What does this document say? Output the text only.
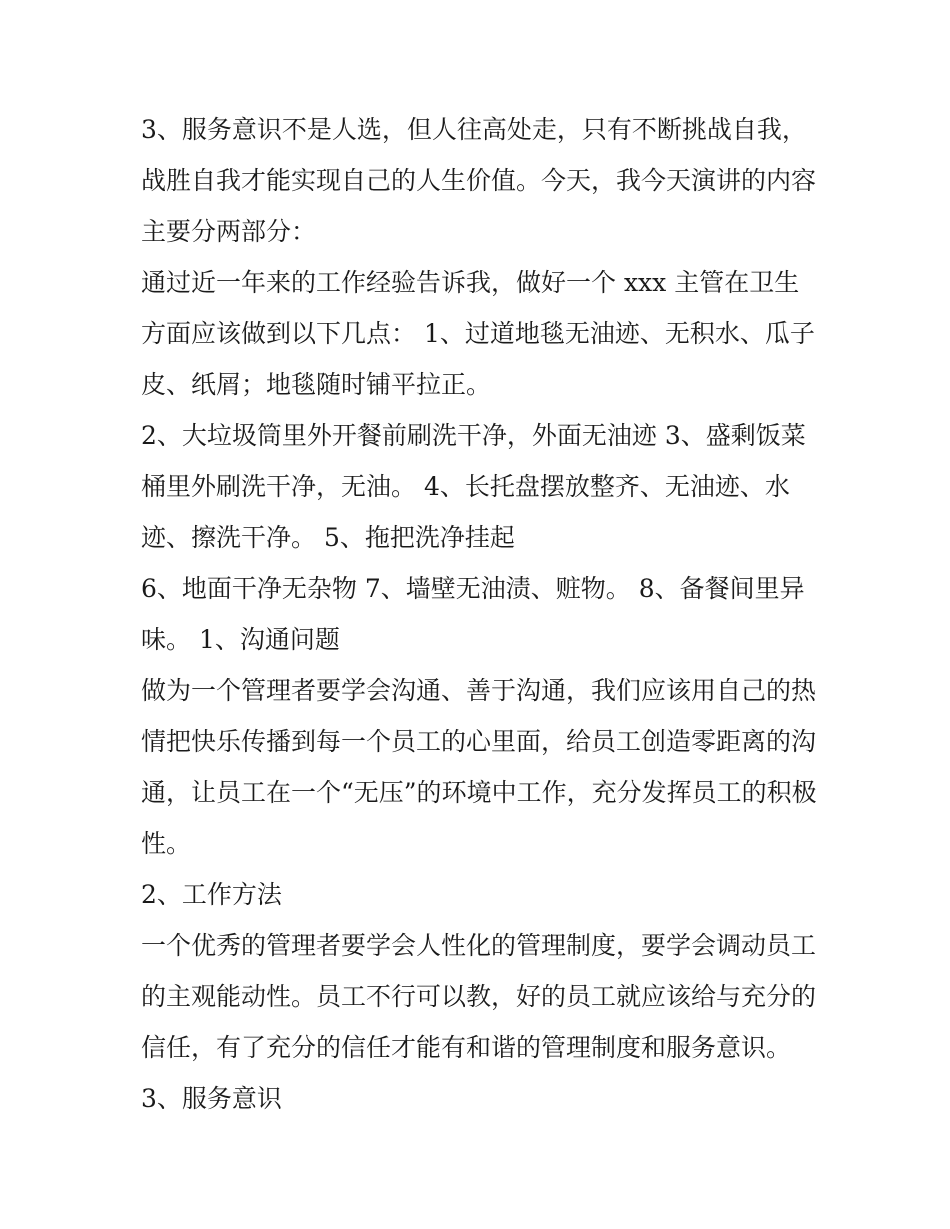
3、服务意识不是人选，但人往高处走，只有不断挑战自我，战胜自我才能实现自己的人生价值。今天，我今天演讲的内容主要分两部分：

通过近一年来的工作经验告诉我，做好一个 xxx 主管在卫生方面应该做到以下几点： 1、过道地毯无油迹、无积水、瓜子皮、纸屑；地毯随时铺平拉正。

2、大垃圾筒里外开餐前刷洗干净，外面无油迹 3、盛剩饭菜桶里外刷洗干净，无油。 4、长托盘摆放整齐、无油迹、水迹、擦洗干净。 5、拖把洗净挂起

6、地面干净无杂物 7、墙壁无油渍、赃物。 8、备餐间里异味。 1、沟通问题

做为一个管理者要学会沟通、善于沟通，我们应该用自己的热情把快乐传播到每一个员工的心里面，给员工创造零距离的沟通，让员工在一个“无压”的环境中工作，充分发挥员工的积极性。

2、工作方法

一个优秀的管理者要学会人性化的管理制度，要学会调动员工的主观能动性。员工不行可以教，好的员工就应该给与充分的信任，有了充分的信任才能有和谐的管理制度和服务意识。

3、服务意识
